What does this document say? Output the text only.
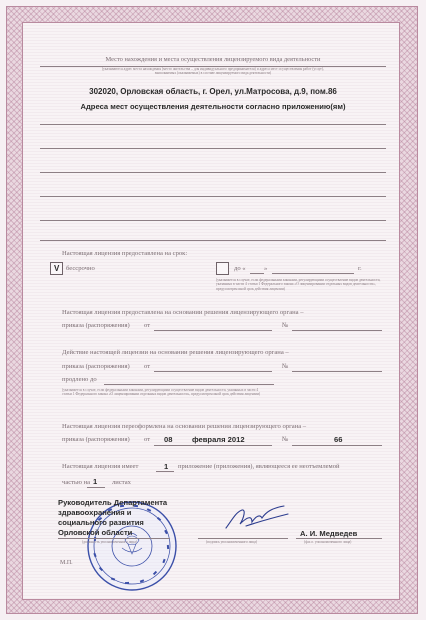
Место нахождения и места осуществления лицензируемого вида деятельности
(указываются адрес места нахождения (место жительства – для индивидуального предпринимателя) и адреса мест осуществления работ (услуг),
выполняемых (оказываемых) в составе лицензируемого вида деятельности)
302020, Орловская область, г. Орел, ул.Матросова, д.9, пом.86
Адреса мест осуществления деятельности согласно приложению(ям)
Настоящая лицензия предоставлена на срок:
V бессрочно	до «	»	г.
(указывается в случае, если федеральными законами, регулирующими осуществление видов деятельности, указанных в части 4 статьи 1 Федерального закона «О лицензировании отдельных видов деятельности», предусмотрен иной срок действия лицензии)
Настоящая лицензия предоставлена на основании решения лицензирующего органа –
приказа (распоряжения) от	№
Действие настоящей лицензии на основании решения лицензирующего органа –
приказа (распоряжения) от	№
продлено до
(указывается в случае, если федеральными законами, регулирующими осуществление видов деятельности, указанных в части 4 статьи 1 Федерального закона «О лицензировании отдельных видов деятельности», предусмотрен иной срок действия лицензии)
Настоящая лицензия переоформлена на основании решения лицензирующего органа –
приказа (распоряжения) от 08	февраля 2012	№	66
Настоящая лицензия имеет	1 приложение (приложения), являющееся ее неотъемлемой
частью на 1 листах
Руководитель Департамента
здравоохранения и
социального развития
Орловской области
(должность уполномоченного лица)	(подпись уполномоченного лица)
А. И. Медведев
(ф.и.о. уполномоченного лица)
М.П.
